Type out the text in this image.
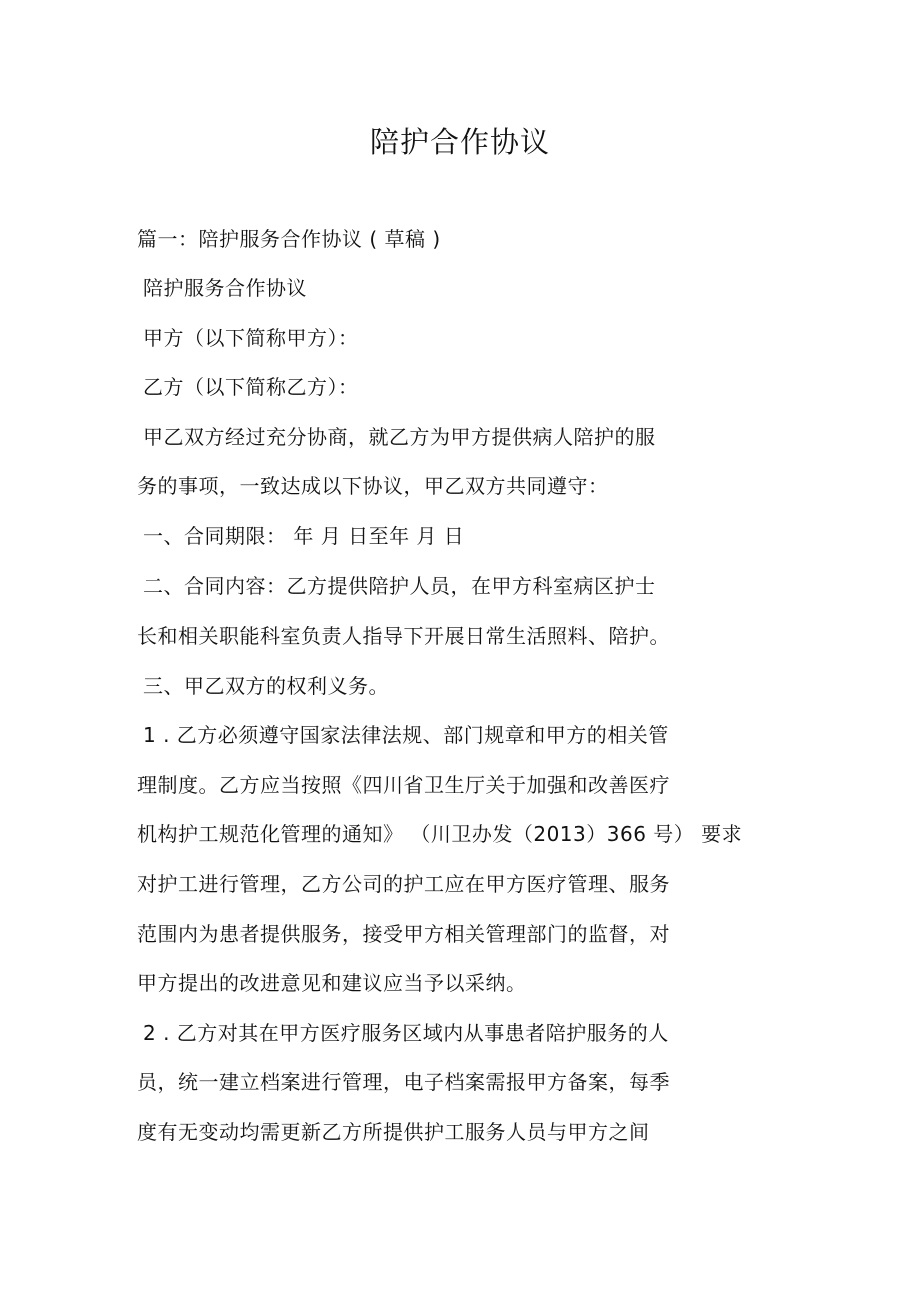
陪护合作协议
篇一：陪护服务合作协议 ( 草稿 )
陪护服务合作协议
甲方（以下简称甲方）：
乙方（以下简称乙方）：
甲乙双方经过充分协商，就乙方为甲方提供病人陪护的服
务的事项，一致达成以下协议，甲乙双方共同遵守：
一、合同期限： 年 月 日至年 月 日
二、合同内容：乙方提供陪护人员，在甲方科室病区护士
长和相关职能科室负责人指导下开展日常生活照料、陪护。
三、甲乙双方的权利义务。
1 . 乙方必须遵守国家法律法规、部门规章和甲方的相关管
理制度。乙方应当按照《四川省卫生厅关于加强和改善医疗
机构护工规范化管理的通知》 （川卫办发（2013）366 号） 要求
对护工进行管理，乙方公司的护工应在甲方医疗管理、服务
范围内为患者提供服务，接受甲方相关管理部门的监督，对
甲方提出的改进意见和建议应当予以采纳。
2 . 乙方对其在甲方医疗服务区域内从事患者陪护服务的人
员，统一建立档案进行管理，电子档案需报甲方备案，每季
度有无变动均需更新乙方所提供护工服务人员与甲方之间
